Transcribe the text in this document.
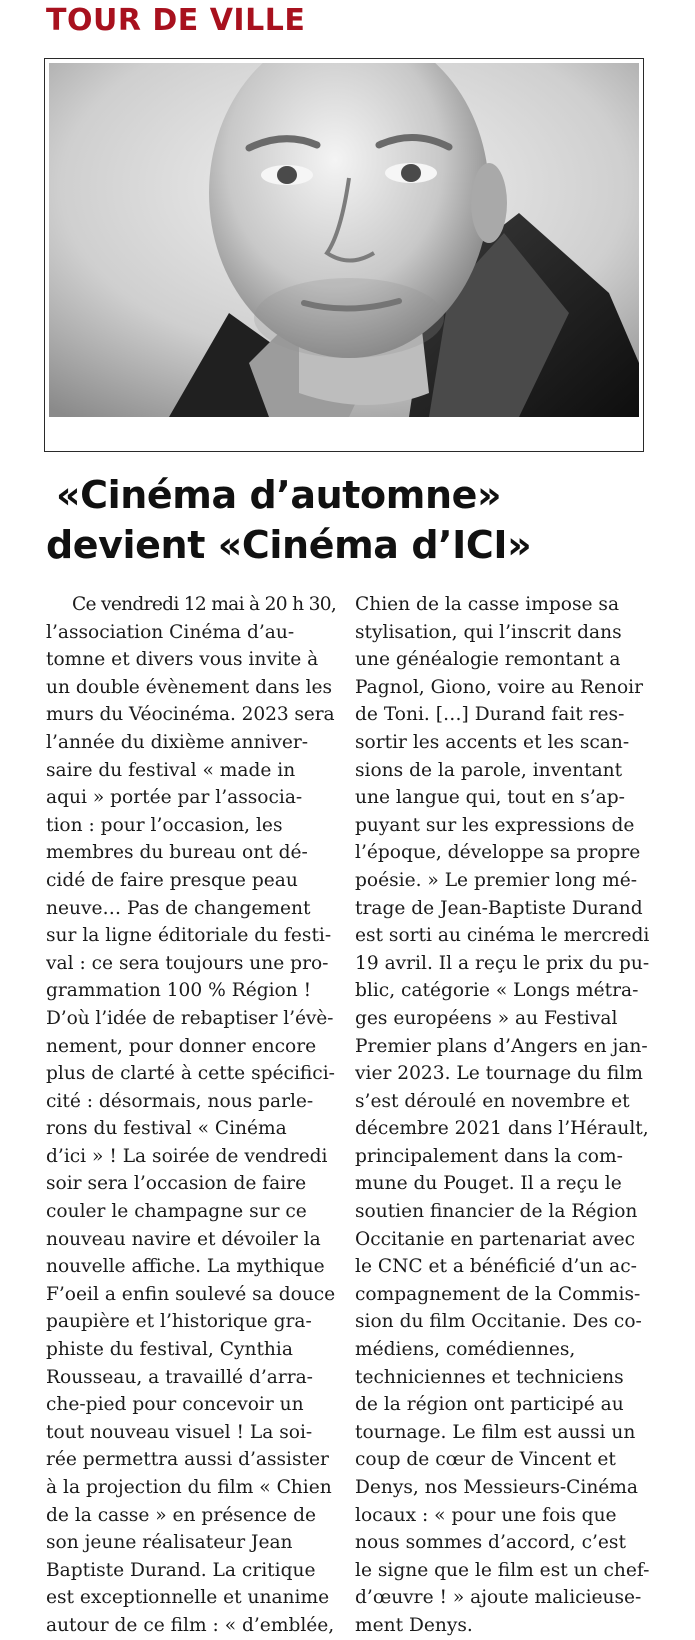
TOUR DE VILLE
«Cinéma d’automne»
devient «Cinéma d’ICI»
Ce vendredi 12 mai à 20 h 30,
l’association Cinéma d’au-
tomne et divers vous invite à
un double évènement dans les
murs du Véocinéma. 2023 sera
l’année du dixième anniver-
saire du festival « made in
aqui » portée par l’associa-
tion : pour l’occasion, les
membres du bureau ont dé-
cidé de faire presque peau
neuve… Pas de changement
sur la ligne éditoriale du festi-
val : ce sera toujours une pro-
grammation 100 % Région !
D’où l’idée de rebaptiser l’évè-
nement, pour donner encore
plus de clarté à cette spécifici-
cité : désormais, nous parle-
rons du festival « Cinéma
d’ici » ! La soirée de vendredi
soir sera l’occasion de faire
couler le champagne sur ce
nouveau navire et dévoiler la
nouvelle affiche. La mythique
F’oeil a enfin soulevé sa douce
paupière et l’historique gra-
phiste du festival, Cynthia
Rousseau, a travaillé d’arra-
che-pied pour concevoir un
tout nouveau visuel ! La soi-
rée permettra aussi d’assister
à la projection du film « Chien
de la casse » en présence de
son jeune réalisateur Jean
Baptiste Durand. La critique
est exceptionnelle et unanime
autour de ce film : « d’emblée,
Chien de la casse impose sa
stylisation, qui l’inscrit dans
une généalogie remontant a
Pagnol, Giono, voire au Renoir
de Toni. […] Durand fait res-
sortir les accents et les scan-
sions de la parole, inventant
une langue qui, tout en s’ap-
puyant sur les expressions de
l’époque, développe sa propre
poésie. » Le premier long mé-
trage de Jean-Baptiste Durand
est sorti au cinéma le mercredi
19 avril. Il a reçu le prix du pu-
blic, catégorie « Longs métra-
ges européens » au Festival
Premier plans d’Angers en jan-
vier 2023. Le tournage du film
s’est déroulé en novembre et
décembre 2021 dans l’Hérault,
principalement dans la com-
mune du Pouget. Il a reçu le
soutien financier de la Région
Occitanie en partenariat avec
le CNC et a bénéficié d’un ac-
compagnement de la Commis-
sion du film Occitanie. Des co-
médiens, comédiennes,
techniciennes et techniciens
de la région ont participé au
tournage. Le film est aussi un
coup de cœur de Vincent et
Denys, nos Messieurs-Cinéma
locaux : « pour une fois que
nous sommes d’accord, c’est
le signe que le film est un chef-
d’œuvre ! » ajoute malicieuse-
ment Denys.
